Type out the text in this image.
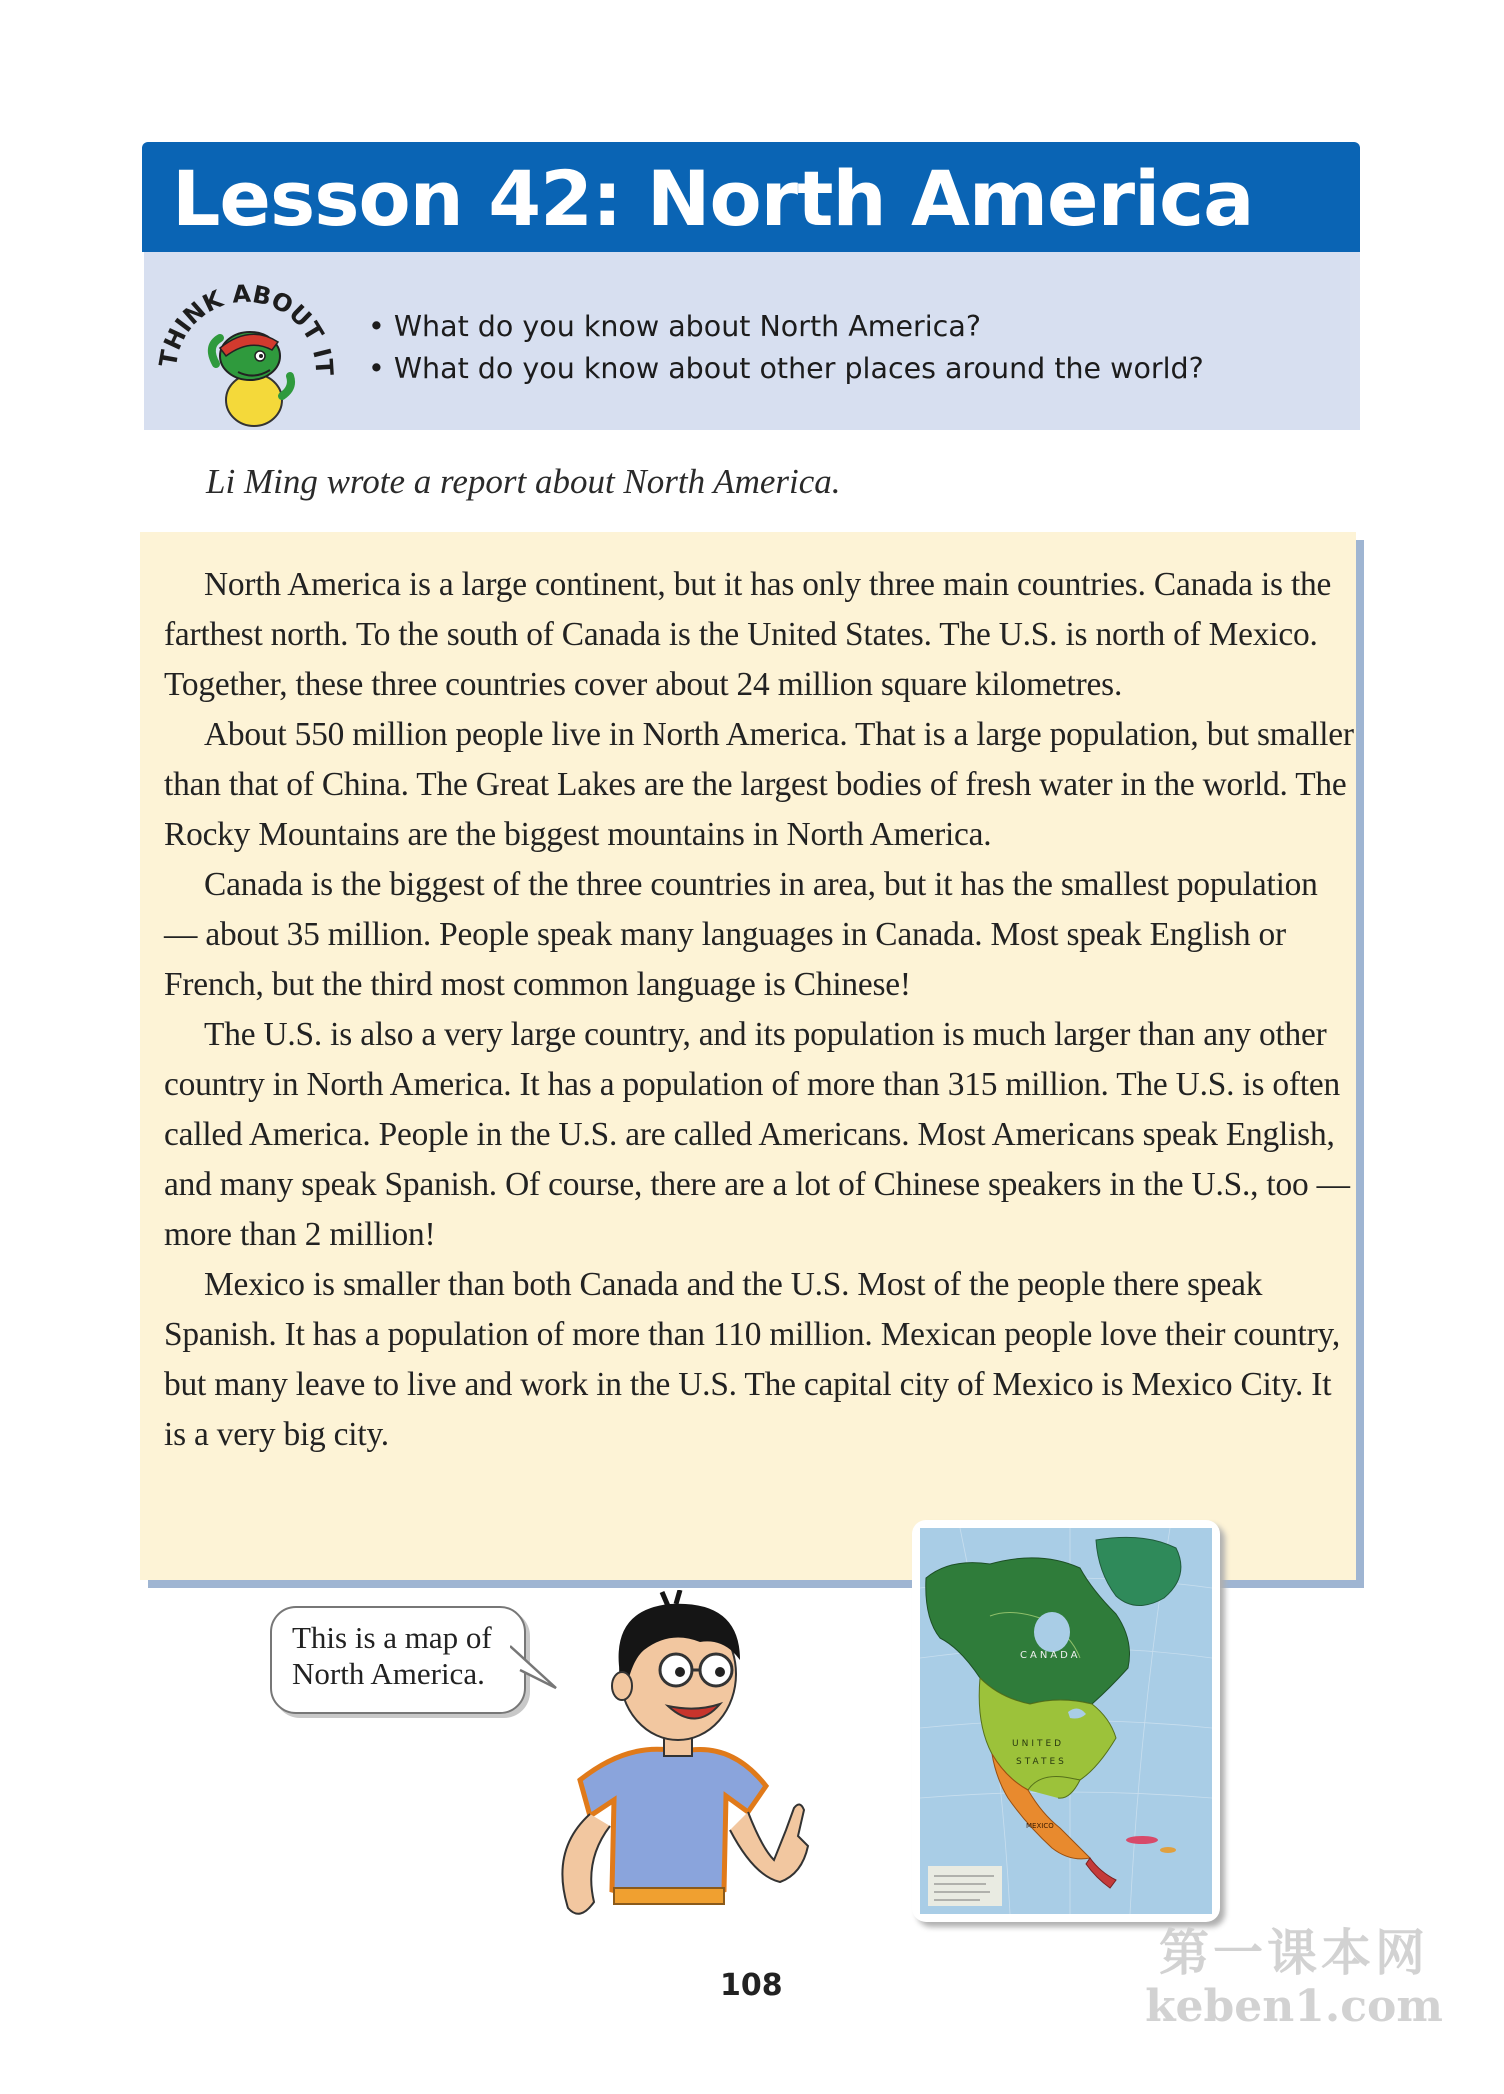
Lesson 42: North America
THINK ABOUT IT
• What do you know about North America?
• What do you know about other places around the world?
Li Ming wrote a report about North America.

North America is a large continent, but it has only three main countries. Canada is the farthest north. To the south of Canada is the United States. The U.S. is north of Mexico. Together, these three countries cover about 24 million square kilometres.

About 550 million people live in North America. That is a large population, but smaller than that of China. The Great Lakes are the largest bodies of fresh water in the world. The Rocky Mountains are the biggest mountains in North America.

Canada is the biggest of the three countries in area, but it has the smallest population — about 35 million. People speak many languages in Canada. Most speak English or French, but the third most common language is Chinese!

The U.S. is also a very large country, and its population is much larger than any other country in North America. It has a population of more than 315 million. The U.S. is often called America. People in the U.S. are called Americans. Most Americans speak English, and many speak Spanish. Of course, there are a lot of Chinese speakers in the U.S., too — more than 2 million!

Mexico is smaller than both Canada and the U.S. Most of the people there speak Spanish. It has a population of more than 110 million. Mexican people love their country, but many leave to live and work in the U.S. The capital city of Mexico is Mexico City. It is a very big city.

This is a map of
North America.
CANADA
UNITED
STATES
MEXICO
108
第一课本网
keben1.com
